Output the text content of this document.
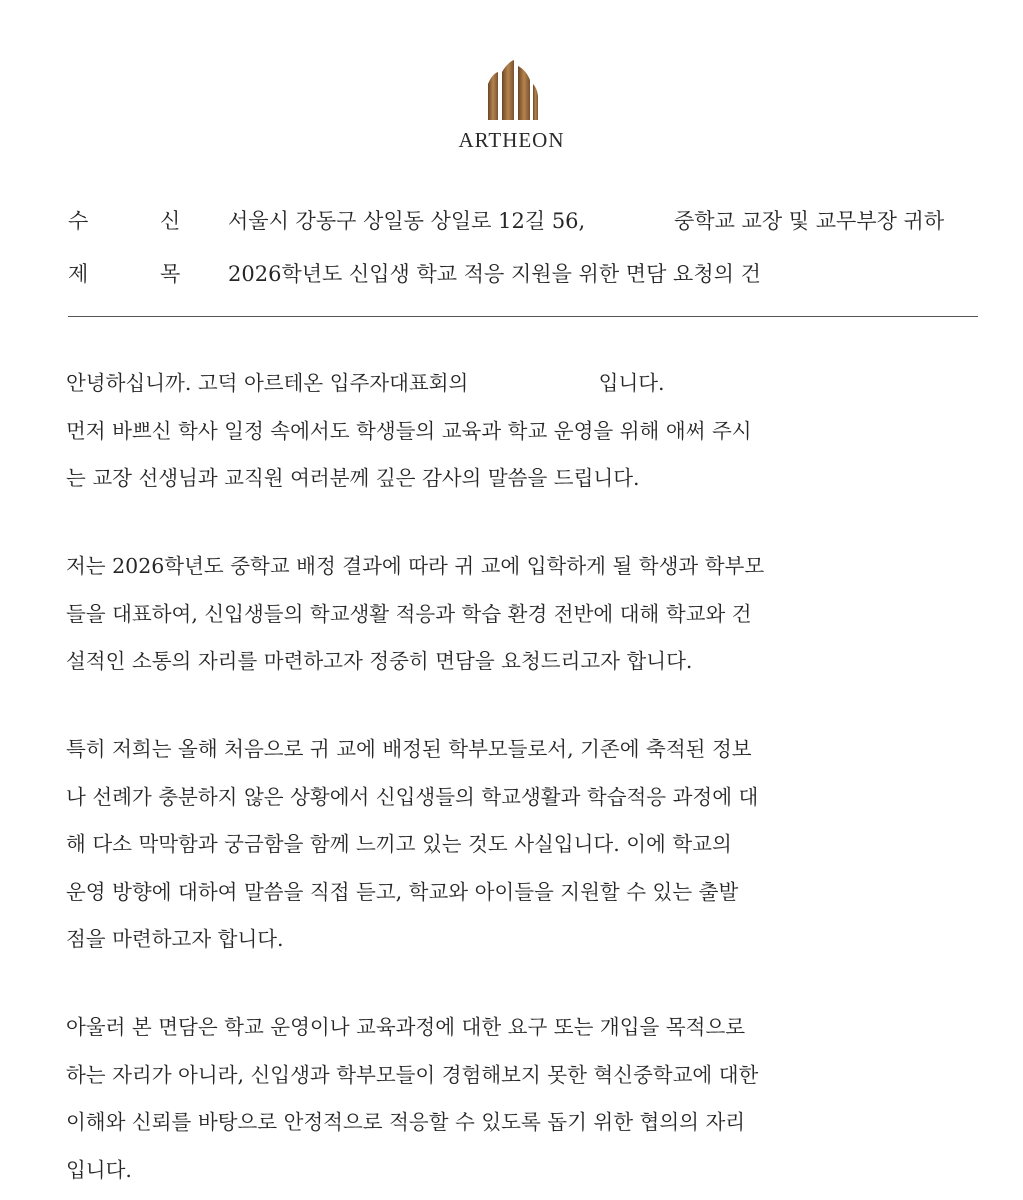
ARTHEON
수	신 서울시 강동구 상일동 상일로 12길 56,	중학교 교장 및 교무부장 귀하
제	목 2026학년도 신입생 학교 적응 지원을 위한 면담 요청의 건

안녕하십니까. 고덕 아르테온 입주자대표회의                    입니다.
먼저 바쁘신 학사 일정 속에서도 학생들의 교육과 학교 운영을 위해 애써 주시
는 교장 선생님과 교직원 여러분께 깊은 감사의 말씀을 드립니다.

저는 2026학년도 중학교 배정 결과에 따라 귀 교에 입학하게 될 학생과 학부모
들을 대표하여, 신입생들의 학교생활 적응과 학습 환경 전반에 대해 학교와 건
설적인 소통의 자리를 마련하고자 정중히 면담을 요청드리고자 합니다.

특히 저희는 올해 처음으로 귀 교에 배정된 학부모들로서, 기존에 축적된 정보
나 선례가 충분하지 않은 상황에서 신입생들의 학교생활과 학습적응 과정에 대
해 다소 막막함과 궁금함을 함께 느끼고 있는 것도 사실입니다. 이에 학교의
운영 방향에 대하여 말씀을 직접 듣고, 학교와 아이들을 지원할 수 있는 출발
점을 마련하고자 합니다.

아울러 본 면담은 학교 운영이나 교육과정에 대한 요구 또는 개입을 목적으로
하는 자리가 아니라, 신입생과 학부모들이 경험해보지 못한 혁신중학교에 대한
이해와 신뢰를 바탕으로 안정적으로 적응할 수 있도록 돕기 위한 협의의 자리
입니다.
